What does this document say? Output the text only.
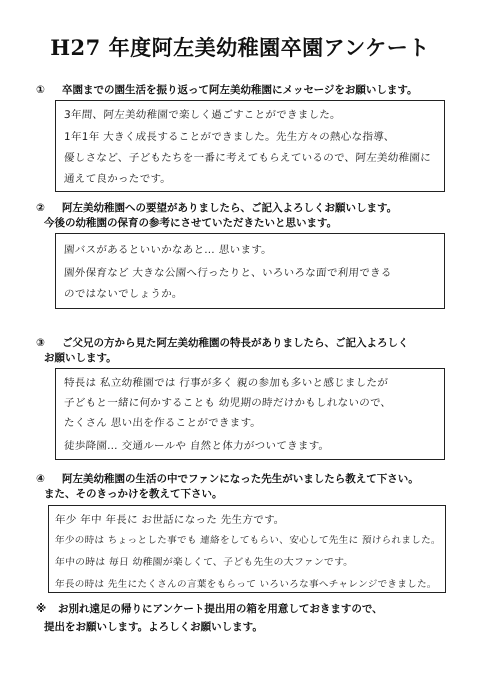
H27 年度阿左美幼稚園卒園アンケート
① 卒園までの園生活を振り返って阿左美幼稚園にメッセージをお願いします。
3年間、阿左美幼稚園で楽しく過ごすことができました。
1年1年 大きく成長することができました。先生方々の熱心な指導、
優しさなど、子どもたちを一番に考えてもらえているので、阿左美幼稚園に
通えて良かったです。
② 阿左美幼稚園への要望がありましたら、ご記入よろしくお願いします。
今後の幼稚園の保育の参考にさせていただきたいと思います。
園バスがあるといいかなあと… 思います。
園外保育など 大きな公園へ行ったりと、いろいろな面で利用できる
のではないでしょうか。
③ ご父兄の方から見た阿左美幼稚園の特長がありましたら、ご記入よろしく
お願いします。
特長は 私立幼稚園では 行事が多く 親の参加も多いと感じましたが
子どもと一緒に何かすることも 幼児期の時だけかもしれないので、
たくさん 思い出を作ることができます。
徒歩降園… 交通ルールや 自然と体力がついてきます。
④ 阿左美幼稚園の生活の中でファンになった先生がいましたら教えて下さい。
また、そのきっかけを教えて下さい。
年少 年中 年長に お世話になった 先生方です。
年少の時は ちょっとした事でも 連絡をしてもらい、安心して先生に 預けられました。
年中の時は 毎日 幼稚園が楽しくて、子ども先生の大ファンです。
年長の時は 先生にたくさんの言葉をもらって いろいろな事へチャレンジできました。
※ お別れ遠足の帰りにアンケート提出用の箱を用意しておきますので、
提出をお願いします。よろしくお願いします。
